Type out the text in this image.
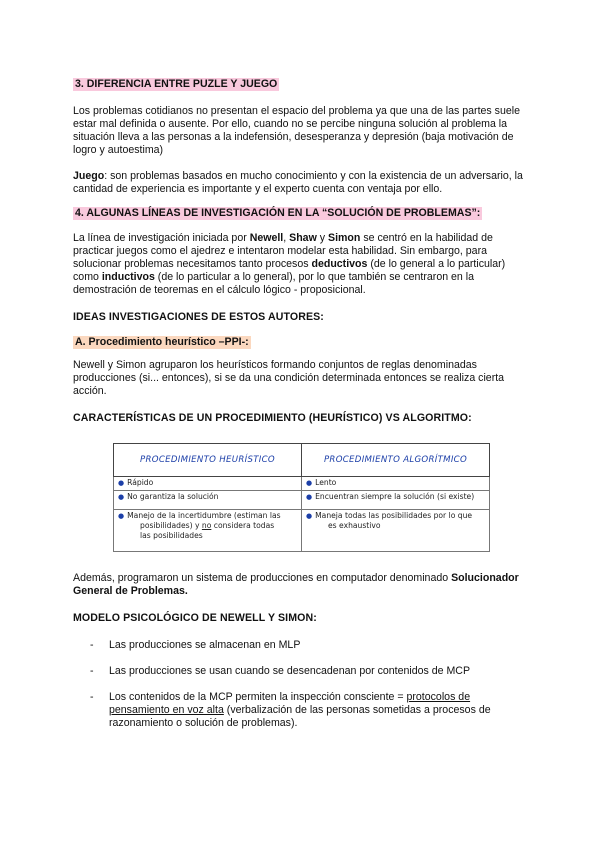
3. DIFERENCIA ENTRE PUZLE Y JUEGO

Los problemas cotidianos no presentan el espacio del problema ya que una de las partes suele estar mal definida o ausente. Por ello, cuando no se percibe ninguna solución al problema la situación lleva a las personas a la indefensión, desesperanza y depresión (baja motivación de logro y autoestima)

Juego: son problemas basados en mucho conocimiento y con la existencia de un adversario, la cantidad de experiencia es importante y el experto cuenta con ventaja por ello.

4. ALGUNAS LÍNEAS DE INVESTIGACIÓN EN LA “SOLUCIÓN DE PROBLEMAS”:

La línea de investigación iniciada por Newell, Shaw y Simon se centró en la habilidad de practicar juegos como el ajedrez e intentaron modelar esta habilidad. Sin embargo, para solucionar problemas necesitamos tanto procesos deductivos (de lo general a lo particular) como inductivos (de lo particular a lo general), por lo que también se centraron en la demostración de teoremas en el cálculo lógico - proposicional.

IDEAS INVESTIGACIONES DE ESTOS AUTORES:

A. Procedimiento heurístico –PPI-:

Newell y Simon agruparon los heurísticos formando conjuntos de reglas denominadas producciones (si... entonces), si se da una condición determinada entonces se realiza cierta acción.

CARACTERÍSTICAS DE UN PROCEDIMIENTO (HEURÍSTICO) VS ALGORITMO:

PROCEDIMIENTO HEURÍSTICO	PROCEDIMIENTO ALGORÍTMICO
● Rápido	● Lento
● No garantiza la solución	● Encuentran siempre la solución (si existe)
● Manejo de la incertidumbre (estiman las
posibilidades) y no considera todas
las posibilidades	● Maneja todas las posibilidades por lo que
es exhaustivo

Además, programaron un sistema de producciones en computador denominado Solucionador General de Problemas.

MODELO PSICOLÓGICO DE NEWELL Y SIMON:

- Las producciones se almacenan en MLP
- Las producciones se usan cuando se desencadenan por contenidos de MCP
- Los contenidos de la MCP permiten la inspección consciente = protocolos de pensamiento en voz alta (verbalización de las personas sometidas a procesos de razonamiento o solución de problemas).
